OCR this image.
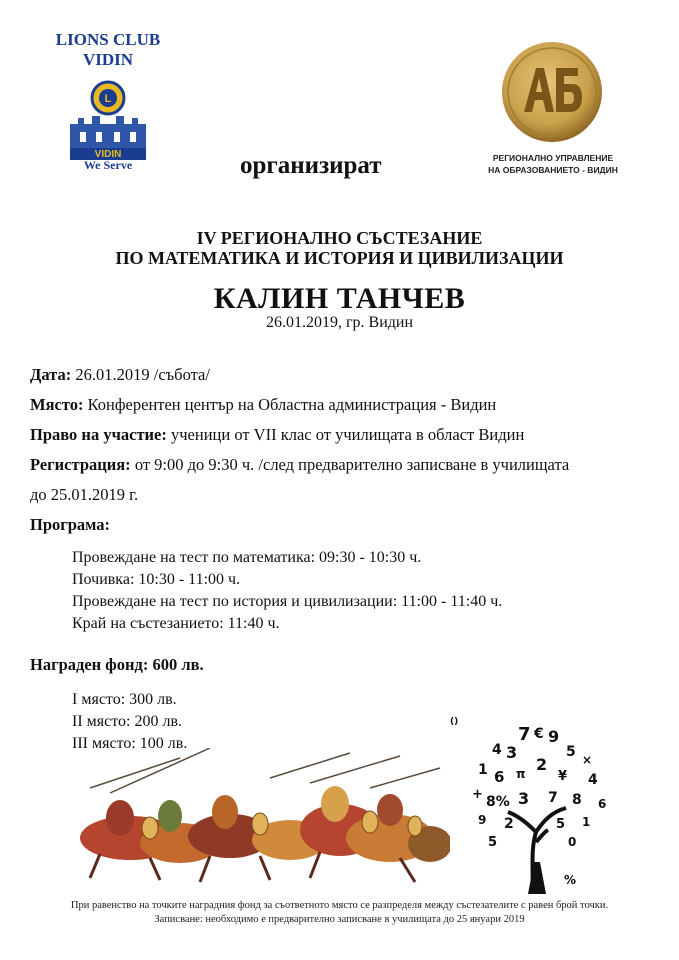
LIONS CLUB
VIDIN
L
VIDIN
We Serve	организират	РЕГИОНАЛНО УПРАВЛЕНИЕ
НА ОБРАЗОВАНИЕТО - ВИДИН
IV РЕГИОНАЛНО СЪСТЕЗАНИЕ
ПО МАТЕМАТИКА И ИСТОРИЯ И ЦИВИЛИЗАЦИИ
КАЛИН ТАНЧЕВ
26.01.2019, гр. Видин
Дата: 26.01.2019 /събота/
Място: Конферентен център на Областна администрация - Видин
Право на участие: ученици от VII клас от училищата в област Видин
Регистрация: от 9:00 до 9:30 ч. /след предварително записване в училищата
до 25.01.2019 г.
Програма:
Провеждане на тест по математика: 09:30 - 10:30 ч.
Почивка: 10:30 - 11:00 ч.
Провеждане на тест по история и цивилизации: 11:00 - 11:40 ч.
Край на състезанието: 11:40 ч.
Награден фонд: 600 лв.
I място: 300 лв.
II място: 200 лв.
III място: 100 лв.	7 € 9
4 3	5 ×
1 6 π 2
¥ 4
+ 8% 3 7 8 6
9 2	5 1
5	0
%
()
При равенство на точките наградния фонд за съответното място се разпределя между състезателите с равен брой точки.
Записване: необходимо е предварително записване в училищата до 25 януари 2019
